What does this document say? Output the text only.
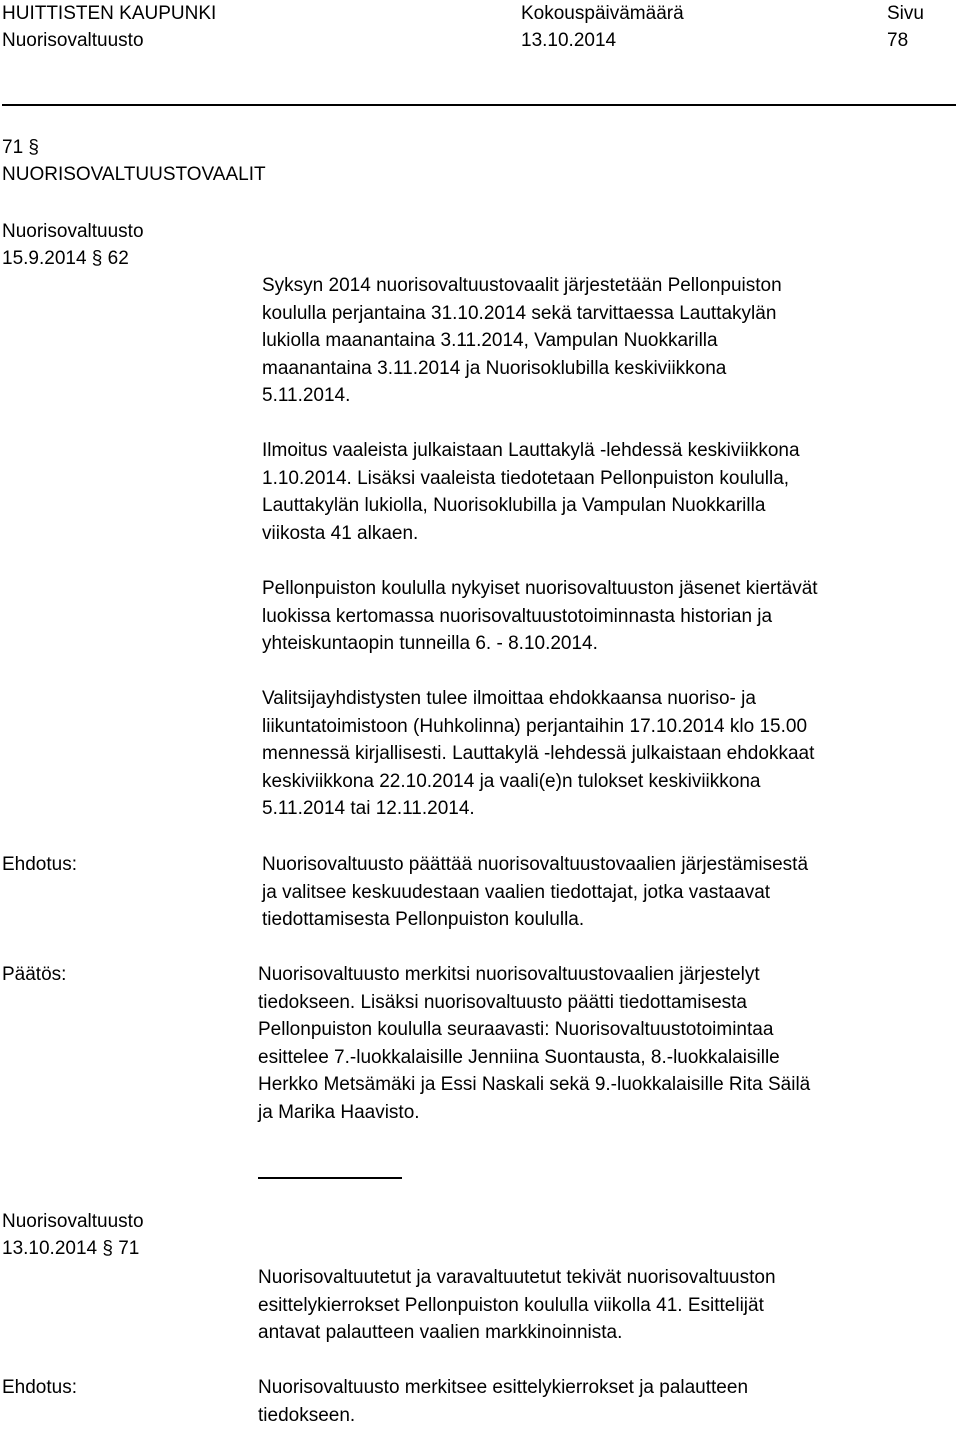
HUITTISTEN KAUPUNKI
Nuorisovaltuusto
Kokouspäivämäärä
13.10.2014
Sivu
78
71 §
NUORISOVALTUUSTOVAALIT
Nuorisovaltuusto
15.9.2014 § 62
Syksyn 2014 nuorisovaltuustovaalit järjestetään Pellonpuiston
koululla perjantaina 31.10.2014 sekä tarvittaessa Lauttakylän
lukiolla maanantaina 3.11.2014, Vampulan Nuokkarilla
maanantaina 3.11.2014 ja Nuorisoklubilla keskiviikkona
5.11.2014.
Ilmoitus vaaleista julkaistaan Lauttakylä -lehdessä keskiviikkona
1.10.2014. Lisäksi vaaleista tiedotetaan Pellonpuiston koululla,
Lauttakylän lukiolla, Nuorisoklubilla ja Vampulan Nuokkarilla
viikosta 41 alkaen.
Pellonpuiston koululla nykyiset nuorisovaltuuston jäsenet kiertävät
luokissa kertomassa nuorisovaltuustotoiminnasta historian ja
yhteiskuntaopin tunneilla 6. - 8.10.2014.
Valitsijayhdistysten tulee ilmoittaa ehdokkaansa nuoriso- ja
liikuntatoimistoon (Huhkolinna) perjantaihin 17.10.2014 klo 15.00
mennessä kirjallisesti. Lauttakylä -lehdessä julkaistaan ehdokkaat
keskiviikkona 22.10.2014 ja vaali(e)n tulokset keskiviikkona
5.11.2014 tai 12.11.2014.
Ehdotus:	Nuorisovaltuusto päättää nuorisovaltuustovaalien järjestämisestä
ja valitsee keskuudestaan vaalien tiedottajat, jotka vastaavat
tiedottamisesta Pellonpuiston koululla.
Päätös:	Nuorisovaltuusto merkitsi nuorisovaltuustovaalien järjestelyt
tiedokseen. Lisäksi nuorisovaltuusto päätti tiedottamisesta
Pellonpuiston koululla seuraavasti: Nuorisovaltuustotoimintaa
esittelee 7.-luokkalaisille Jenniina Suontausta, 8.-luokkalaisille
Herkko Metsämäki ja Essi Naskali sekä 9.-luokkalaisille Rita Säilä
ja Marika Haavisto.
Nuorisovaltuusto
13.10.2014 § 71
Nuorisovaltuutetut ja varavaltuutetut tekivät nuorisovaltuuston
esittelykierrokset Pellonpuiston koululla viikolla 41. Esittelijät
antavat palautteen vaalien markkinoinnista.
Ehdotus:	Nuorisovaltuusto merkitsee esittelykierrokset ja palautteen
tiedokseen.
